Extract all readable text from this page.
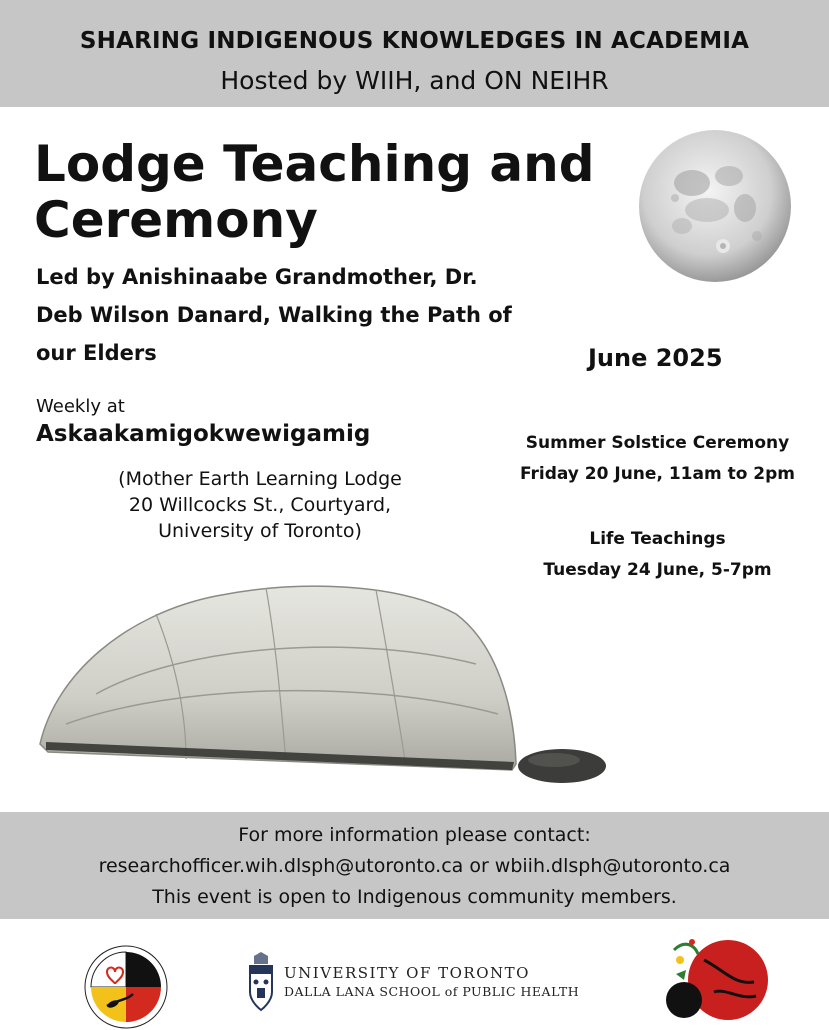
SHARING INDIGENOUS KNOWLEDGES IN ACADEMIA
Hosted by WIIH, and ON NEIHR
Lodge Teaching and
Ceremony
Led by Anishinaabe Grandmother, Dr.
Deb Wilson Danard, Walking the Path of
our Elders	June 2025
Weekly at
Askaakamigokwewigamig
(Mother Earth Learning Lodge
20 Willcocks St., Courtyard,
University of Toronto)
Summer Solstice Ceremony
Friday 20 June, 11am to 2pm
Life Teachings
Tuesday 24 June, 5-7pm
For more information please contact:
researchofficer.wih.dlsph@utoronto.ca or wbiih.dlsph@utoronto.ca
This event is open to Indigenous community members.
UNIVERSITY OF TORONTO
DALLA LANA SCHOOL of PUBLIC HEALTH
